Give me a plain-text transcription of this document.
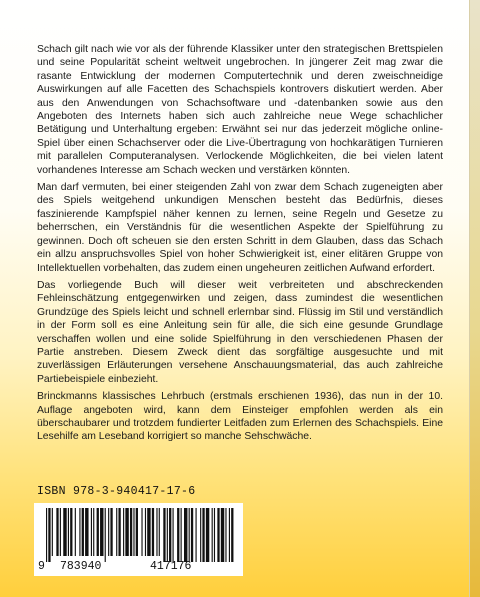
Schach gilt nach wie vor als der führende Klassiker unter den strategischen Brettspielen und seine Popularität scheint weltweit ungebrochen. In jüngerer Zeit mag zwar die rasante Entwicklung der modernen Computertechnik und deren zweischneidige Auswirkungen auf alle Facetten des Schachspiels kontrovers diskutiert werden. Aber aus den Anwendungen von Schachsoftware und -datenbanken sowie aus den Angeboten des Internets haben sich auch zahlreiche neue Wege schachlicher Betätigung und Unterhaltung ergeben: Erwähnt sei nur das jederzeit mögliche online-Spiel über einen Schachserver oder die Live-Übertragung von hochkarätigen Turnieren mit parallelen Computeranalysen. Verlockende Möglichkeiten, die bei vielen latent vorhandenes Interesse am Schach wecken und verstärken könnten.

Man darf vermuten, bei einer steigenden Zahl von zwar dem Schach zugeneigten aber des Spiels weitgehend unkundigen Menschen besteht das Bedürfnis, dieses faszinierende Kampfspiel näher kennen zu lernen, seine Regeln und Gesetze zu beherrschen, ein Verständnis für die wesentlichen Aspekte der Spielführung zu gewinnen. Doch oft scheuen sie den ersten Schritt in dem Glauben, dass das Schach ein allzu anspruchsvolles Spiel von hoher Schwierigkeit ist, einer elitären Gruppe von Intellektuellen vorbehalten, das zudem einen ungeheuren zeitlichen Aufwand erfordert.

Das vorliegende Buch will dieser weit verbreiteten und abschreckenden Fehleinschätzung entgegenwirken und zeigen, dass zumindest die wesentlichen Grundzüge des Spiels leicht und schnell erlernbar sind. Flüssig im Stil und verständlich in der Form soll es eine Anleitung sein für alle, die sich eine gesunde Grundlage verschaffen wollen und eine solide Spielführung in den verschiedenen Phasen der Partie anstreben. Diesem Zweck dient das sorgfältige ausgesuchte und mit zuverlässigen Erläuterungen versehene Anschauungsmaterial, das auch zahlreiche Partiebeispiele einbezieht.

Brinckmanns klassisches Lehrbuch (erstmals erschienen 1936), das nun in der 10. Auflage angeboten wird, kann dem Einsteiger empfohlen werden als ein überschaubarer und trotzdem fundierter Leitfaden zum Erlernen des Schachspiels. Eine Lesehilfe am Leseband korrigiert so manche Sehschwäche.

ISBN 978-3-940417-17-6
9 783940	417176
